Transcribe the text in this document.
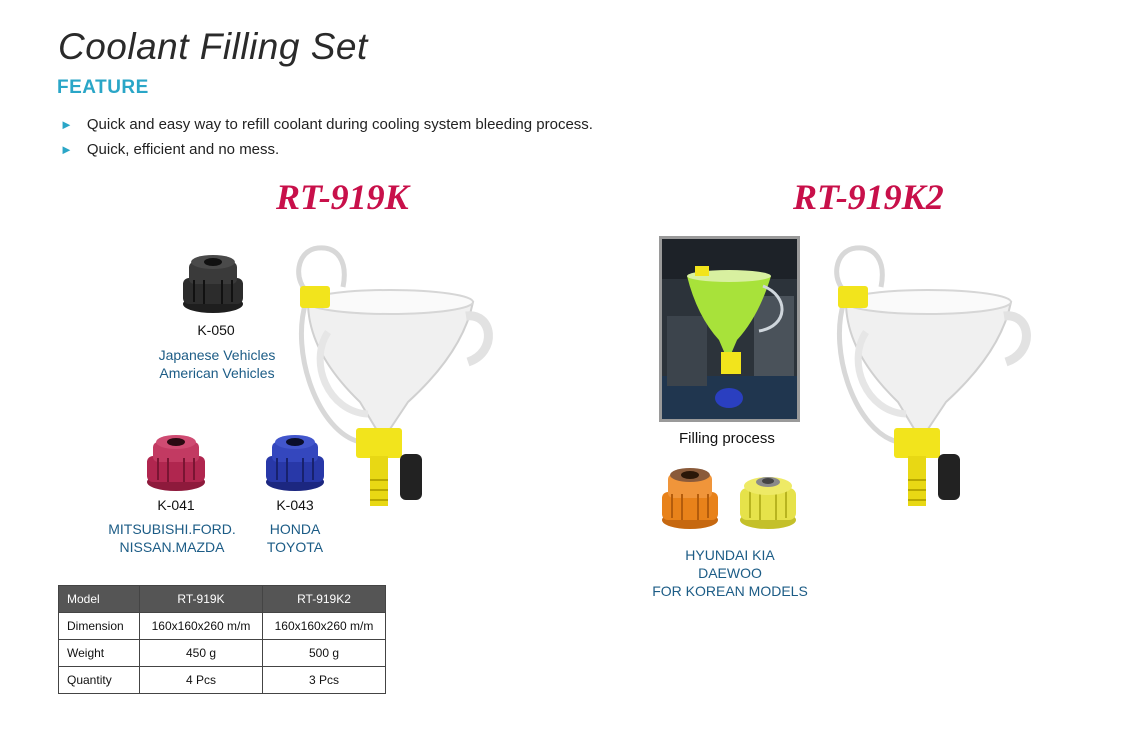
Coolant Filling Set
FEATURE
► Quick and easy way to refill coolant during cooling system bleeding process.
► Quick, efficient and no mess.
RT-919K	RT-919K2
K-050
Japanese Vehicles
American Vehicles
K-041
MITSUBISHI.FORD.
NISSAN.MAZDA
K-043
HONDA
TOYOTA
Filling process
HYUNDAI KIA
DAEWOO
FOR KOREAN MODELS
Model	RT-919K	RT-919K2
Dimension	160x160x260 m/m	160x160x260 m/m
Weight	450 g	500 g
Quantity	4 Pcs	3 Pcs
